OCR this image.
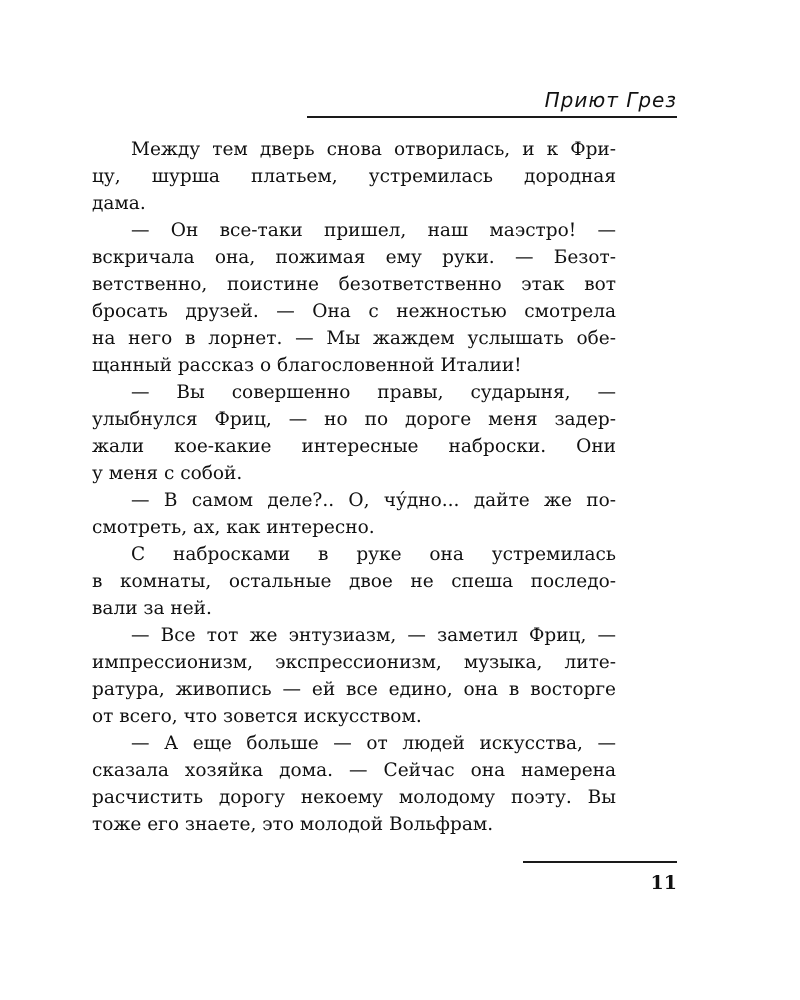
Приют Грез
Между тем дверь снова отворилась, и к Фри-
цу, шурша платьем, устремилась дородная
дама.
— Он все-таки пришел, наш маэстро! —
вскричала она, пожимая ему руки. — Безот-
ветственно, поистине безответственно этак вот
бросать друзей. — Она с нежностью смотрела
на него в лорнет. — Мы жаждем услышать обе-
щанный рассказ о благословенной Италии!
— Вы совершенно правы, сударыня, —
улыбнулся Фриц, — но по дороге меня задер-
жали кое-какие интересные наброски. Они
у меня с собой.
— В самом деле?.. О, чу́дно... дайте же по-
смотреть, ах, как интересно.
С набросками в руке она устремилась
в комнаты, остальные двое не спеша последо-
вали за ней.
— Все тот же энтузиазм, — заметил Фриц, —
импрессионизм, экспрессионизм, музыка, лите-
ратура, живопись — ей все едино, она в восторге
от всего, что зовется искусством.
— А еще больше — от людей искусства, —
сказала хозяйка дома. — Сейчас она намерена
расчистить дорогу некоему молодому поэту. Вы
тоже его знаете, это молодой Вольфрам.
11
